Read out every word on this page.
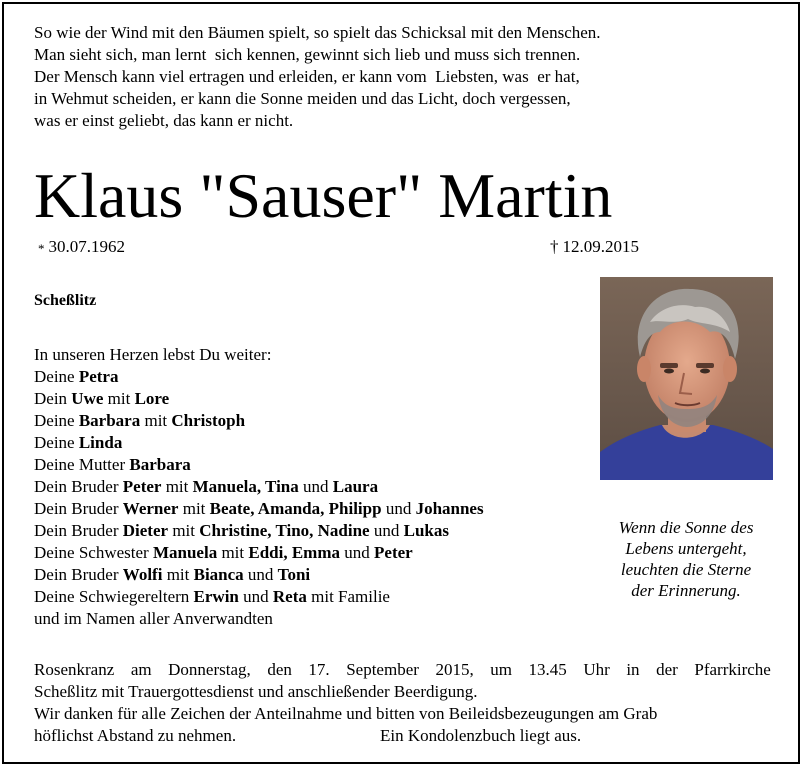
So wie der Wind mit den Bäumen spielt, so spielt das Schicksal mit den Menschen.
Man sieht sich, man lernt  sich kennen, gewinnt sich lieb und muss sich trennen.
Der Mensch kann viel ertragen und erleiden, er kann vom  Liebsten, was  er hat,
in Wehmut scheiden, er kann die Sonne meiden und das Licht, doch vergessen,
was er einst geliebt, das kann er nicht.
Klaus "Sauser" Martin
* 30.07.1962	† 12.09.2015
Scheßlitz
In unseren Herzen lebst Du weiter:
Deine Petra
Dein Uwe mit Lore
Deine Barbara mit Christoph
Deine Linda
Deine Mutter Barbara
Dein Bruder Peter mit Manuela, Tina und Laura
Dein Bruder Werner mit Beate, Amanda, Philipp und Johannes
Dein Bruder Dieter mit Christine, Tino, Nadine und Lukas
Deine Schwester Manuela mit Eddi, Emma und Peter
Dein Bruder Wolfi mit Bianca und Toni
Deine Schwiegereltern Erwin und Reta mit Familie
und im Namen aller Anverwandten
Wenn die Sonne des
Lebens untergeht,
leuchten die Sterne
der Erinnerung.
Rosenkranz am Donnerstag, den 17. September 2015, um 13.45 Uhr in der Pfarrkirche
Scheßlitz mit Trauergottesdienst und anschließender Beerdigung.
Wir danken für alle Zeichen der Anteilnahme und bitten von Beileidsbezeugungen am Grab
höflichst Abstand zu nehmen.	Ein Kondolenzbuch liegt aus.
